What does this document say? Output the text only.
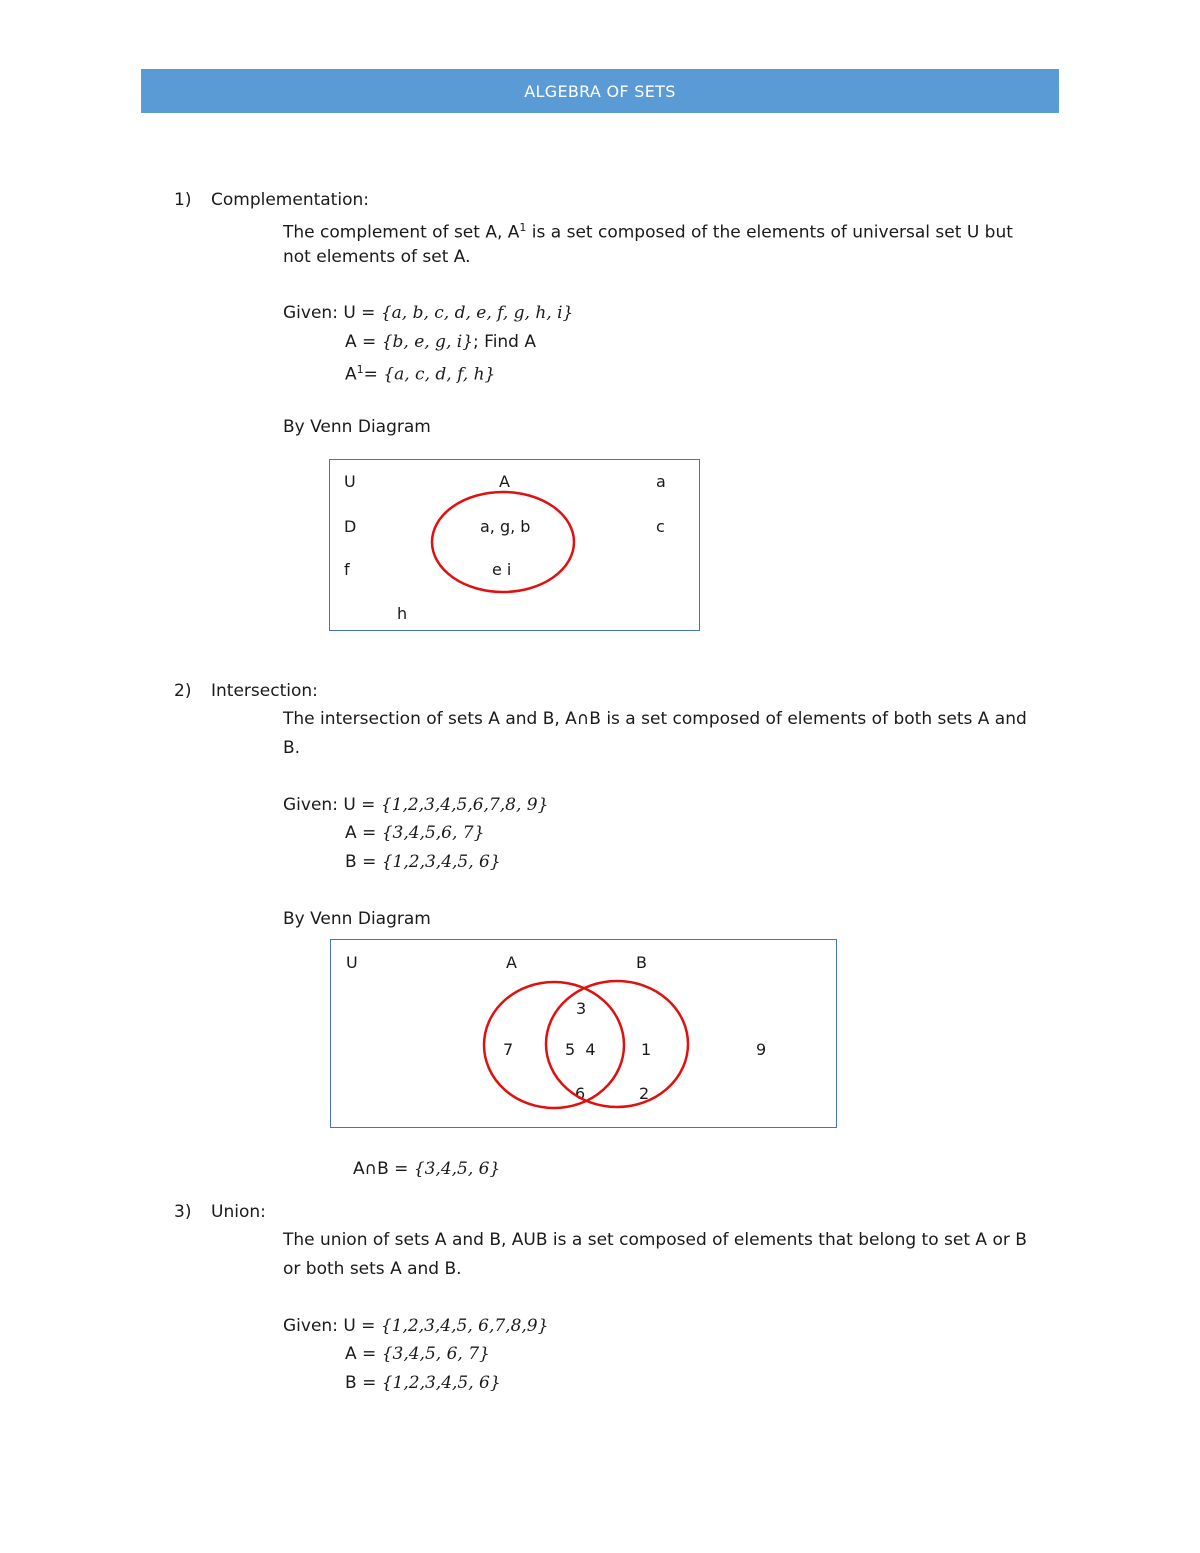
ALGEBRA OF SETS
1) Complementation:
The complement of set A, $A^1$ is a set composed of the elements of universal set U but
not elements of set A.
Given: U = {a, b, c, d, e, f, g, h, i}
A = {b, e, g, i}; Find A
$A^1= \{a$, c, d, f, h}
By Venn Diagram
U	A	a
D	a, g, b	c
f	e i
h
2) Intersection:
The intersection of sets A and B, A∩B is a set composed of elements of both sets A and
B.
Given: U = {1,2,3,4,5,6,7,8, 9}
A = {3,4,5,6, 7}
B = {1,2,3,4,5, 6}
By Venn Diagram
U	A	B
3
7	5  4	1	9
6	2
A∩B = {3,4,5, 6}
3) Union:
The union of sets A and B, AUB is a set composed of elements that belong to set A or B
or both sets A and B.
Given: U = {1,2,3,4,5, 6,7,8,9}
A = {3,4,5, 6, 7}
B = {1,2,3,4,5, 6}
